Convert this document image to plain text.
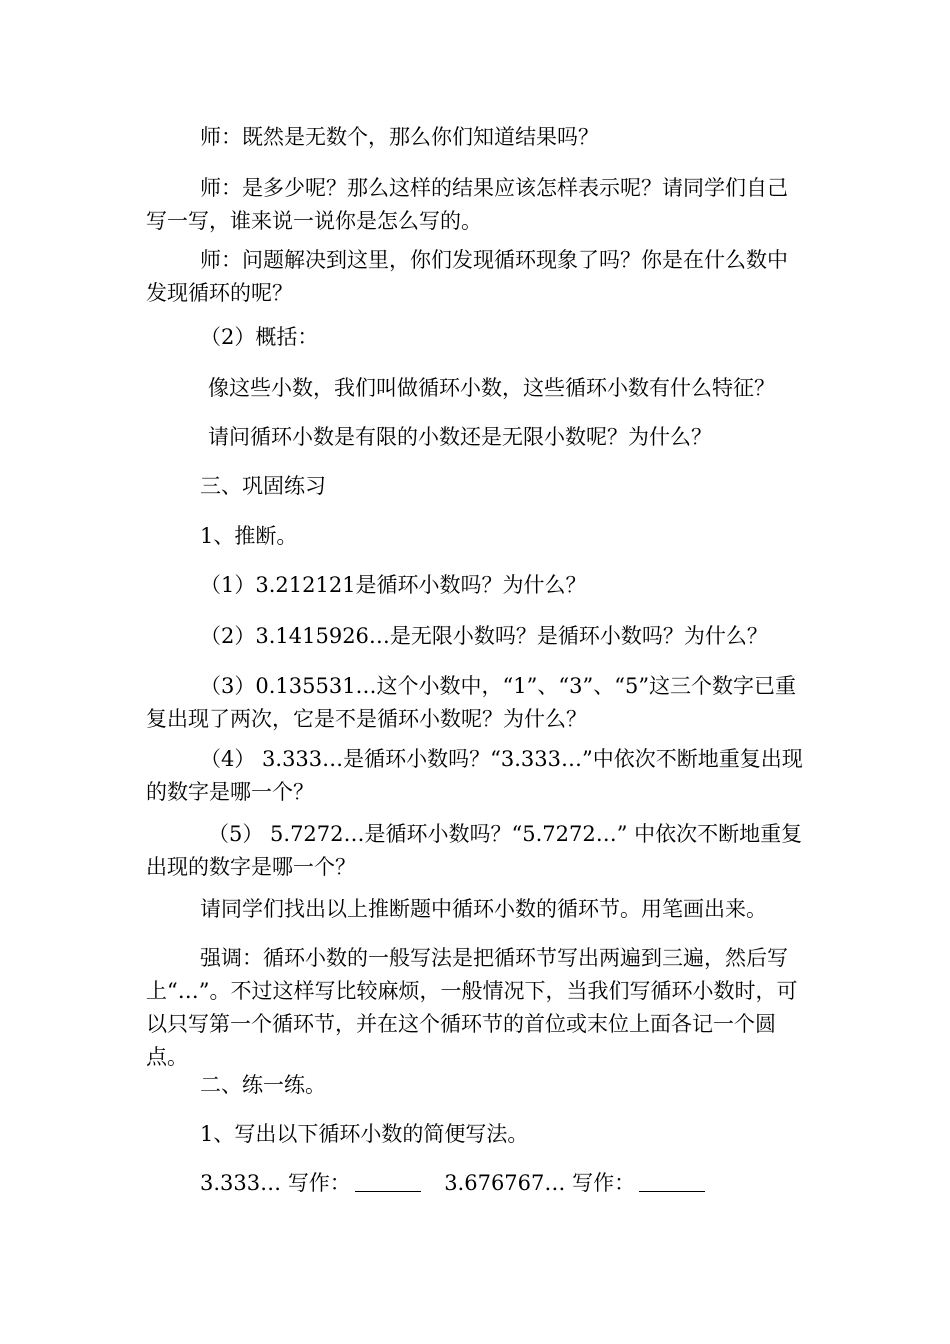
师：既然是无数个，那么你们知道结果吗？

师：是多少呢？那么这样的结果应该怎样表示呢？请同学们自己写一写，谁来说一说你是怎么写的。

师：问题解决到这里，你们发现循环现象了吗？你是在什么数中发现循环的呢？

（2）概括：

像这些小数，我们叫做循环小数，这些循环小数有什么特征？

请问循环小数是有限的小数还是无限小数呢？为什么？

三、巩固练习

1、推断。

（1）3.212121是循环小数吗？为什么？

（2）3.1415926…是无限小数吗？是循环小数吗？为什么？

（3）0.135531…这个小数中，“1”、“3”、“5”这三个数字已重复出现了两次，它是不是循环小数呢？为什么？

（4） 3.333…是循环小数吗？“3.333…”中依次不断地重复出现的数字是哪一个？

（5） 5.7272…是循环小数吗？“5.7272…” 中依次不断地重复出现的数字是哪一个？

请同学们找出以上推断题中循环小数的循环节。用笔画出来。

强调：循环小数的一般写法是把循环节写出两遍到三遍，然后写上“…”。不过这样写比较麻烦，一般情况下，当我们写循环小数时，可以只写第一个循环节，并在这个循环节的首位或末位上面各记一个圆点。

二、练一练。

1、写出以下循环小数的简便写法。

3.333… 写作：	3.676767… 写作：
